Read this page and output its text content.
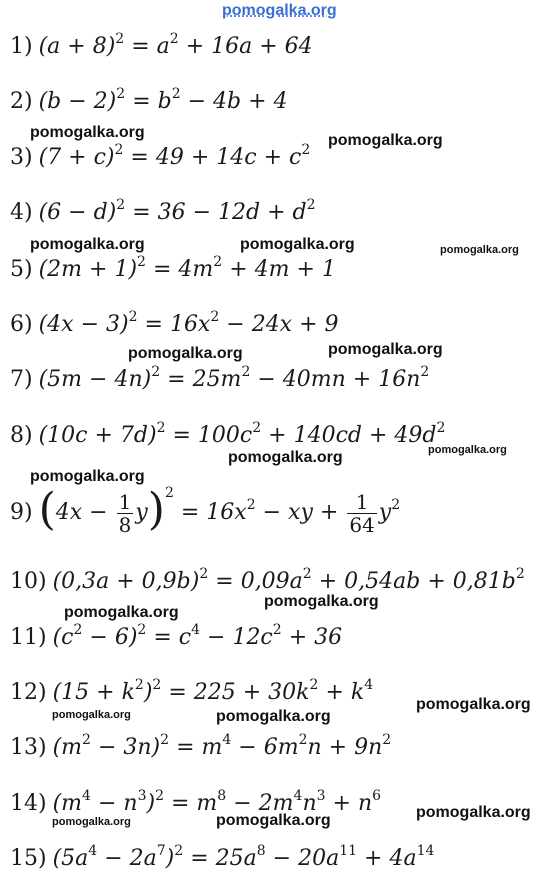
pomogalka.org
1) $(a + 8)^2 = a^2 + 16a + 64$
2) $(b - 2)^2 = b^2 - 4b + 4$
3) $(7 + c)^2 = 49 + 14c + c^2$
4) $(6 - d)^2 = 36 - 12d + d^2$
5) $(2m + 1)^2 = 4m^2 + 4m + 1$
6) $(4x - 3)^2 = 16x^2 - 24x + 9$
7) $(5m - 4n)^2 = 25m^2 - 40mn + 16n^2$
8) $(10c + 7d)^2 = 100c^2 + 140cd + 49d^2$
9) $(4x - \frac{1}{8} y)^2 = 16x^2$ − xy + $\frac{1}{64} y^2$
10) $(0,3a + 0,9b)^2 = 0,09a^2 + 0,54ab + 0,81b^2$
11) $(c^2 - 6)^2 = c^4 - 12c^2 + 36$
12) $(15 + k^2)^2 = 225 + 30k^2 + k^4$
13) $(m^2 - 3n)^2 = m^4 - 6m^2n + 9n^2$
14) $(m^4 - n^3)^2 = m^8 - 2m^4n^3 + n^6$
15) $(5a^4 - 2a^7)^2 = 25a^8 - 20a^{11} + 4a^{14}$
pomogalka.org	pomogalka.org
pomogalka.org	pomogalka.org	pomogalka.org
pomogalka.org	pomogalka.org
pomogalka.org	pomogalka.org
pomogalka.org
pomogalka.org
pomogalka.org
pomogalka.org	pomogalka.org
pomogalka.org
pomogalka.org	pomogalka.org	pomogalka.org
